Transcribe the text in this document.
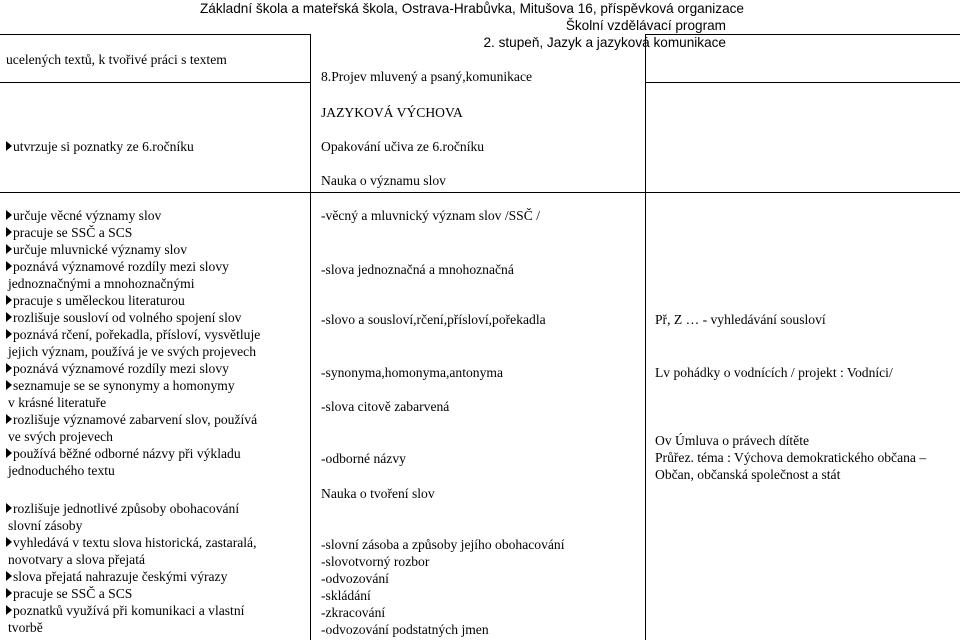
Základní škola a mateřská škola, Ostrava-Hrabůvka, Mitušova 16, příspěvková organizace
Školní vzdělávací program
2. stupeň, Jazyk a jazyková komunikace
ucelených textů, k tvořivé práci s textem
8.Projev mluvený a psaný,komunikace
JAZYKOVÁ VÝCHOVA
utvrzuje si poznatky ze 6.ročníku	Opakování učiva ze 6.ročníku
Nauka o významu slov
určuje věcné významy slov
pracuje se SSČ a SCS
určuje mluvnické významy slov
poznává významové rozdíly mezi slovy
jednoznačnými a mnohoznačnými
pracuje s uměleckou literaturou
rozlišuje sousloví od volného spojení slov
poznává rčení, pořekadla, přísloví, vysvětluje
jejich význam, používá je ve svých projevech
poznává významové rozdíly mezi slovy
seznamuje se se synonymy a homonymy
v krásné literatuře
rozlišuje významové zabarvení slov, používá
ve svých projevech
používá běžné odborné názvy při výkladu
jednoduchého textu
rozlišuje jednotlivé způsoby obohacování
slovní zásoby
vyhledává v textu slova historická, zastaralá,
novotvary a slova přejatá
slova přejatá nahrazuje českými výrazy
pracuje se SSČ a SCS
poznatků využívá při komunikaci a vlastní
tvorbě
-věcný a mluvnický význam slov /SSČ /
-slova jednoznačná a mnohoznačná
-slovo a sousloví,rčení,přísloví,pořekadla
-synonyma,homonyma,antonyma
-slova citově zabarvená
-odborné názvy
Nauka o tvoření slov
-slovní zásoba a způsoby jejího obohacování
-slovotvorný rozbor
-odvozování
-skládání
-zkracování
-odvozování podstatných jmen
Př, Z … - vyhledávání sousloví
Lv pohádky o vodnících / projekt : Vodníci/
Ov Úmluva o právech dítěte
Průřez. téma : Výchova demokratického občana –
Občan, občanská společnost a stát
